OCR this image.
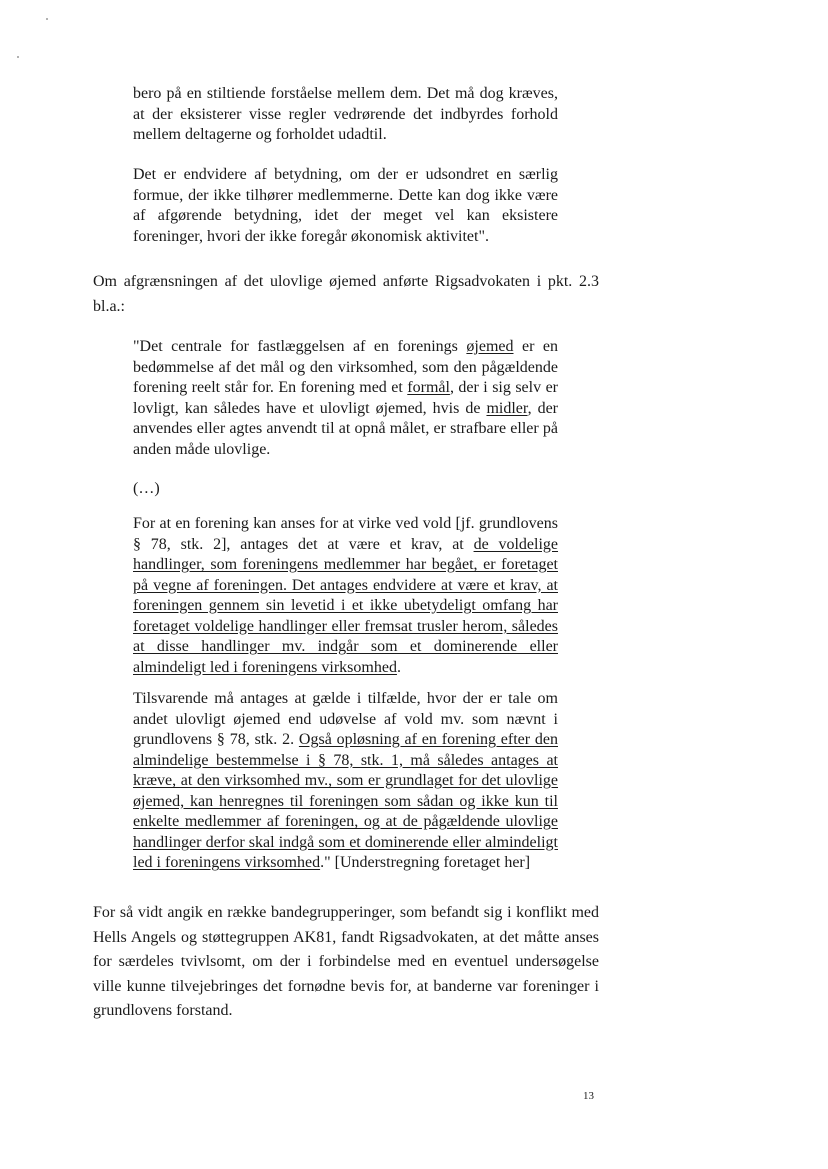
bero på en stiltiende forståelse mellem dem. Det må dog kræves, at der eksisterer visse regler vedrørende det indbyrdes forhold mellem deltagerne og forholdet udadtil.

Det er endvidere af betydning, om der er udsondret en særlig formue, der ikke tilhører medlemmerne. Dette kan dog ikke være af afgørende betydning, idet der meget vel kan eksistere foreninger, hvori der ikke foregår økonomisk aktivitet".

Om afgrænsningen af det ulovlige øjemed anførte Rigsadvokaten i pkt. 2.3 bl.a.:

"Det centrale for fastlæggelsen af en forenings øjemed er en bedømmelse af det mål og den virksomhed, som den pågældende forening reelt står for. En forening med et formål, der i sig selv er lovligt, kan således have et ulovligt øjemed, hvis de midler, der anvendes eller agtes anvendt til at opnå målet, er strafbare eller på anden måde ulovlige.

(…)

For at en forening kan anses for at virke ved vold [jf. grundlovens § 78, stk. 2], antages det at være et krav, at de voldelige handlinger, som foreningens medlemmer har begået, er foretaget på vegne af foreningen. Det antages endvidere at være et krav, at foreningen gennem sin levetid i et ikke ubetydeligt omfang har foretaget voldelige handlinger eller fremsat trusler herom, således at disse handlinger mv. indgår som et dominerende eller almindeligt led i foreningens virksomhed.

Tilsvarende må antages at gælde i tilfælde, hvor der er tale om andet ulovligt øjemed end udøvelse af vold mv. som nævnt i grundlovens § 78, stk. 2. Også opløsning af en forening efter den almindelige bestemmelse i § 78, stk. 1, må således antages at kræve, at den virksomhed mv., som er grundlaget for det ulovlige øjemed, kan henregnes til foreningen som sådan og ikke kun til enkelte medlemmer af foreningen, og at de pågældende ulovlige handlinger derfor skal indgå som et dominerende eller almindeligt led i foreningens virksomhed." [Understregning foretaget her]

For så vidt angik en række bandegrupperinger, som befandt sig i konflikt med Hells Angels og støttegruppen AK81, fandt Rigsadvokaten, at det måtte anses for særdeles tvivlsomt, om der i forbindelse med en eventuel undersøgelse ville kunne tilvejebringes det fornødne bevis for, at banderne var foreninger i grundlovens forstand.

13
